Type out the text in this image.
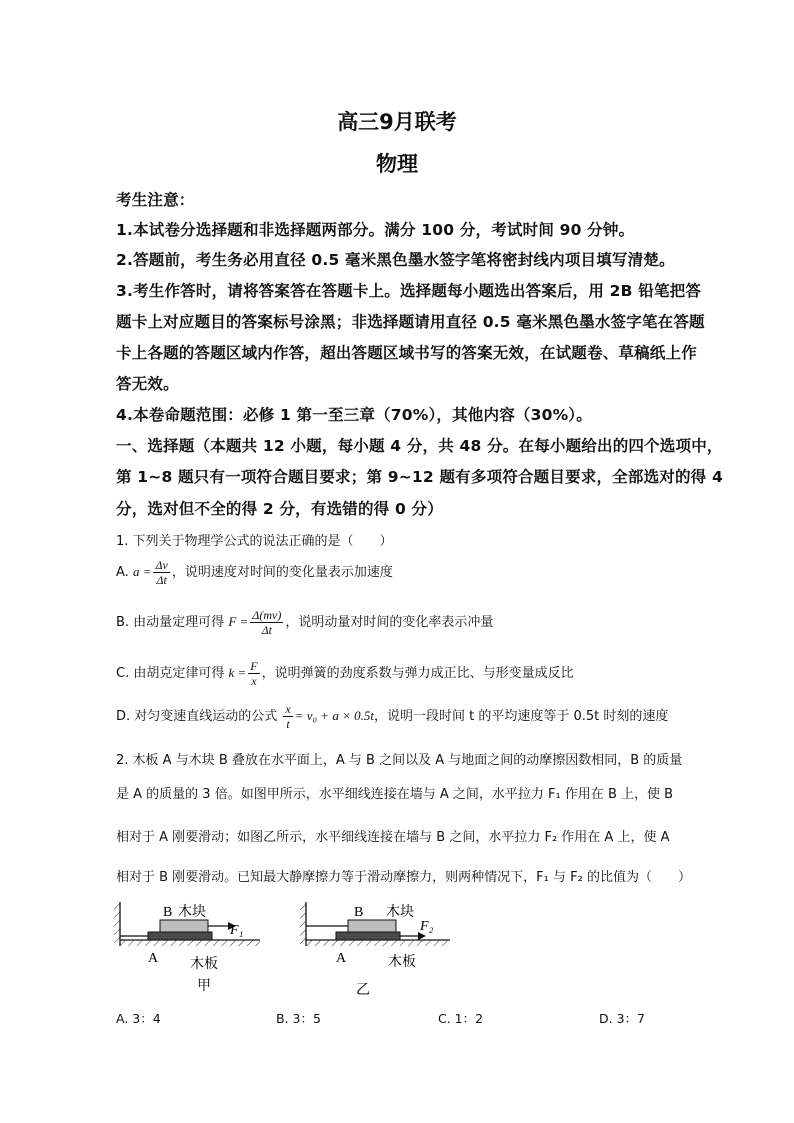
高三9月联考
物理
考生注意：
1.本试卷分选择题和非选择题两部分。满分 100 分，考试时间 90 分钟。
2.答题前，考生务必用直径 0.5 毫米黑色墨水签字笔将密封线内项目填写清楚。
3.考生作答时，请将答案答在答题卡上。选择题每小题选出答案后，用 2B 铅笔把答
题卡上对应题目的答案标号涂黑；非选择题请用直径 0.5 毫米黑色墨水签字笔在答题
卡上各题的答题区域内作答，超出答题区域书写的答案无效，在试题卷、草稿纸上作
答无效。
4.本卷命题范围：必修 1 第一至三章（70%），其他内容（30%）。
一、选择题（本题共 12 小题，每小题 4 分，共 48 分。在每小题给出的四个选项中，
第 1~8 题只有一项符合题目要求；第 9~12 题有多项符合题目要求，全部选对的得 4
分，选对但不全的得 2 分，有选错的得 0 分）
1. 下列关于物理学公式的说法正确的是（　　）
A. $a = \frac{\Delta v}{\Delta t}$ ，说明速度对时间的变化量表示加速度
B. 由动量定理可得 $F = \frac{\Delta(mv)}{\Delta t}$ ，说明动量对时间的变化率表示冲量
C. 由胡克定律可得 $k = \frac{F}{x}$ ，说明弹簧的劲度系数与弹力成正比、与形变量成反比
D. 对匀变速直线运动的公式 $\frac{x}{t} = v_0 + a \times 0.5t$，说明一段时间 t 的平均速度等于 0.5t 时刻的速度
2. 木板 A 与木块 B 叠放在水平面上，A 与 B 之间以及 A 与地面之间的动摩擦因数相同，B 的质量
是 A 的质量的 3 倍。如图甲所示，水平细线连接在墙与 A 之间，水平拉力 F₁ 作用在 B 上，使 B
相对于 A 刚要滑动；如图乙所示，水平细线连接在墙与 B 之间，水平拉力 F₂ 作用在 A 上，使 A
相对于 B 刚要滑动。已知最大静摩擦力等于滑动摩擦力，则两种情况下，F₁ 与 F₂ 的比值为（　　）
B 木块
F₁
A 木板
甲
B 木块
F₂
A	木板
乙
A. 3：4	B. 3：5	C. 1：2	D. 3：7
